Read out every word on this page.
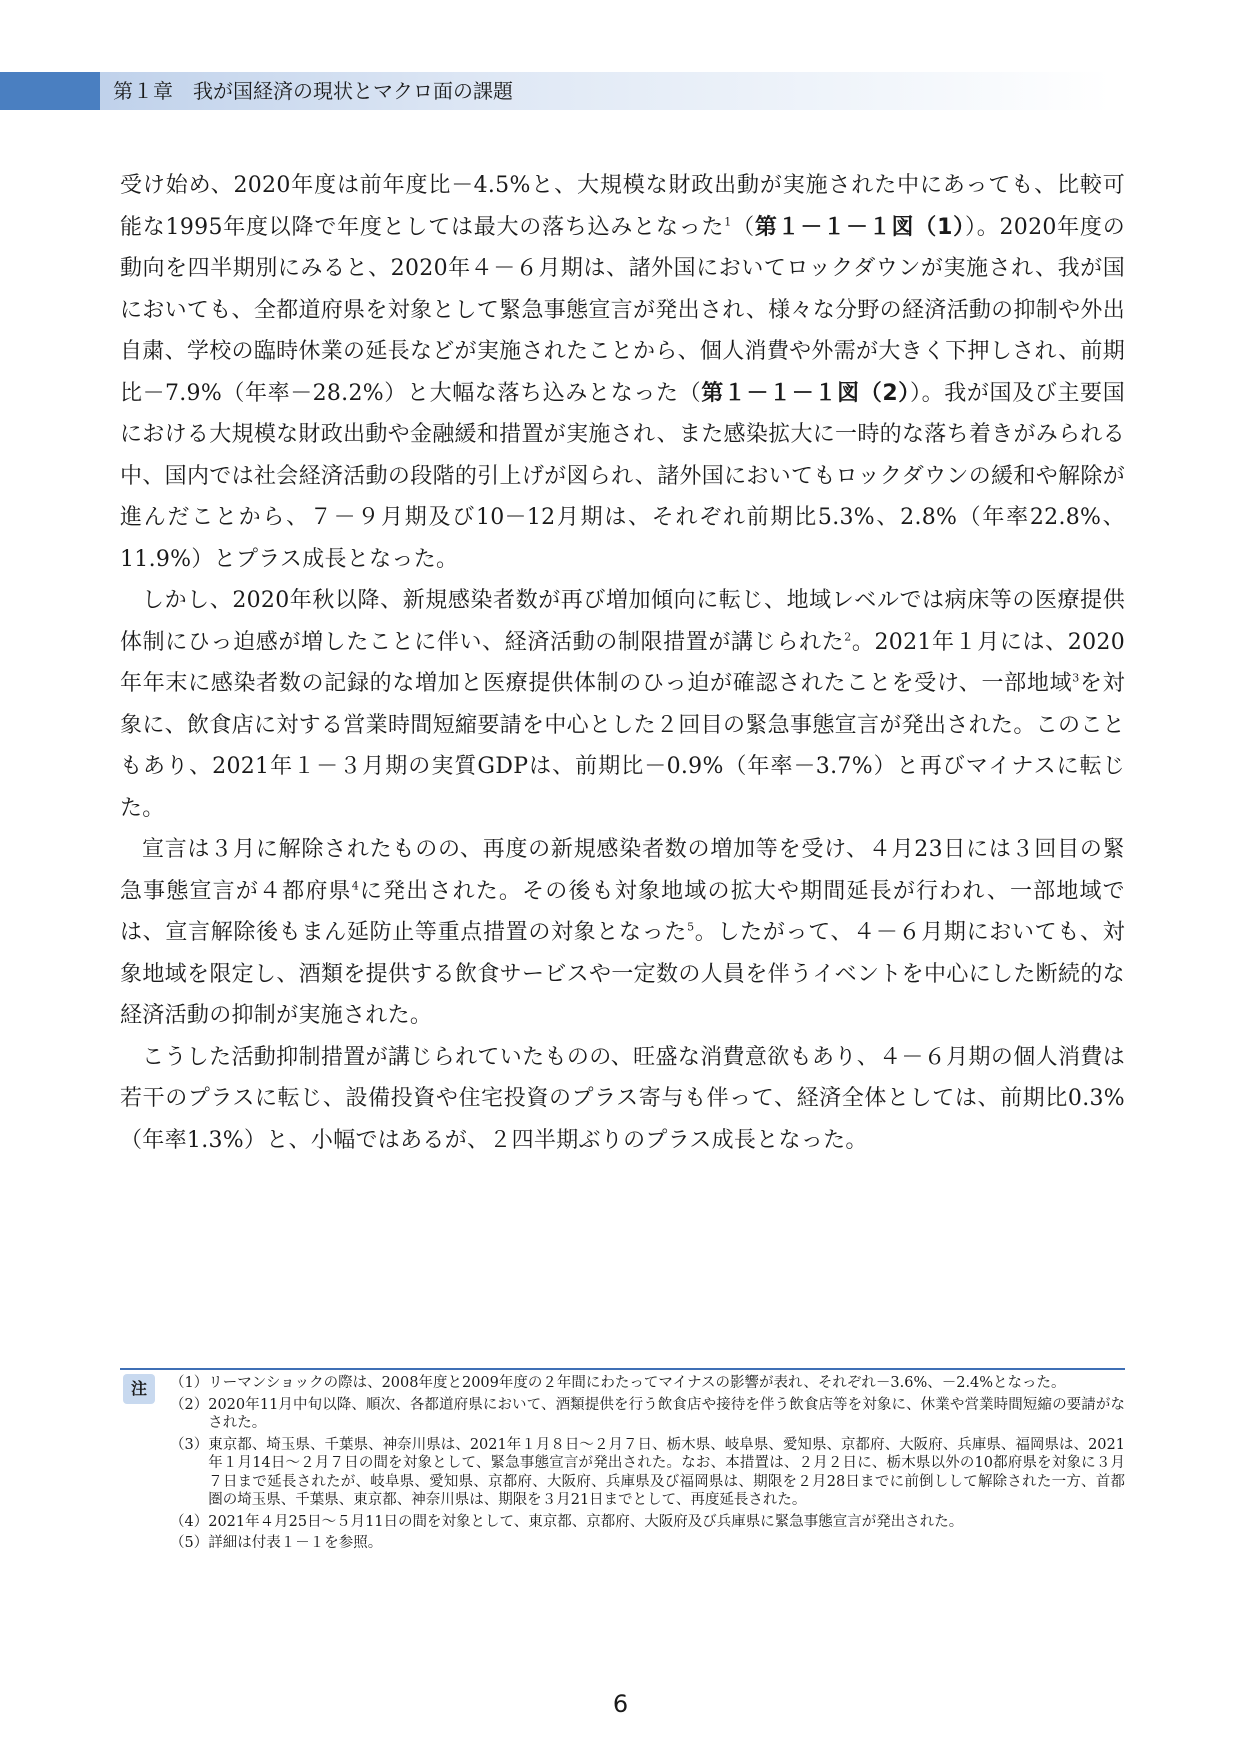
第１章　我が国経済の現状とマクロ面の課題

受け始め、2020年度は前年度比－4.5%と、大規模な財政出動が実施された中にあっても、比較可能な1995年度以降で年度としては最大の落ち込みとなった$^1$（第１－１－１図（1））。2020年度の動向を四半期別にみると、2020年４－６月期は、諸外国においてロックダウンが実施され、我が国においても、全都道府県を対象として緊急事態宣言が発出され、様々な分野の経済活動の抑制や外出自粛、学校の臨時休業の延長などが実施されたことから、個人消費や外需が大きく下押しされ、前期比－7.9%（年率－28.2%）と大幅な落ち込みとなった（第１－１－１図（2））。我が国及び主要国における大規模な財政出動や金融緩和措置が実施され、また感染拡大に一時的な落ち着きがみられる中、国内では社会経済活動の段階的引上げが図られ、諸外国においてもロックダウンの緩和や解除が進んだことから、７－９月期及び10－12月期は、それぞれ前期比5.3%、2.8%（年率22.8%、11.9%）とプラス成長となった。

しかし、2020年秋以降、新規感染者数が再び増加傾向に転じ、地域レベルでは病床等の医療提供体制にひっ迫感が増したことに伴い、経済活動の制限措置が講じられた$^2$。2021年１月には、2020年年末に感染者数の記録的な増加と医療提供体制のひっ迫が確認されたことを受け、一部地域$^3$を対象に、飲食店に対する営業時間短縮要請を中心とした２回目の緊急事態宣言が発出された。このこともあり、2021年１－３月期の実質GDPは、前期比－0.9%（年率－3.7%）と再びマイナスに転じた。

宣言は３月に解除されたものの、再度の新規感染者数の増加等を受け、４月23日には３回目の緊急事態宣言が４都府県$^4$に発出された。その後も対象地域の拡大や期間延長が行われ、一部地域では、宣言解除後もまん延防止等重点措置の対象となった$^5$。したがって、４－６月期においても、対象地域を限定し、酒類を提供する飲食サービスや一定数の人員を伴うイベントを中心にした断続的な経済活動の抑制が実施された。

こうした活動抑制措置が講じられていたものの、旺盛な消費意欲もあり、４－６月期の個人消費は若干のプラスに転じ、設備投資や住宅投資のプラス寄与も伴って、経済全体としては、前期比0.3%（年率1.3%）と、小幅ではあるが、２四半期ぶりのプラス成長となった。

注	（1） リーマンショックの際は、2008年度と2009年度の２年間にわたってマイナスの影響が表れ、それぞれ－3.6%、－2.4%となった。
（2） 2020年11月中旬以降、順次、各都道府県において、酒類提供を行う飲食店や接待を伴う飲食店等を対象に、休業や営業時間短縮の要請がなされた。
（3） 東京都、埼玉県、千葉県、神奈川県は、2021年１月８日～２月７日、栃木県、岐阜県、愛知県、京都府、大阪府、兵庫県、福岡県は、2021年１月14日～２月７日の間を対象として、緊急事態宣言が発出された。なお、本措置は、２月２日に、栃木県以外の10都府県を対象に３月７日まで延長されたが、岐阜県、愛知県、京都府、大阪府、兵庫県及び福岡県は、期限を２月28日までに前倒しして解除された一方、首都圏の埼玉県、千葉県、東京都、神奈川県は、期限を３月21日までとして、再度延長された。
（4） 2021年４月25日～５月11日の間を対象として、東京都、京都府、大阪府及び兵庫県に緊急事態宣言が発出された。
（5） 詳細は付表１－１を参照。
6
